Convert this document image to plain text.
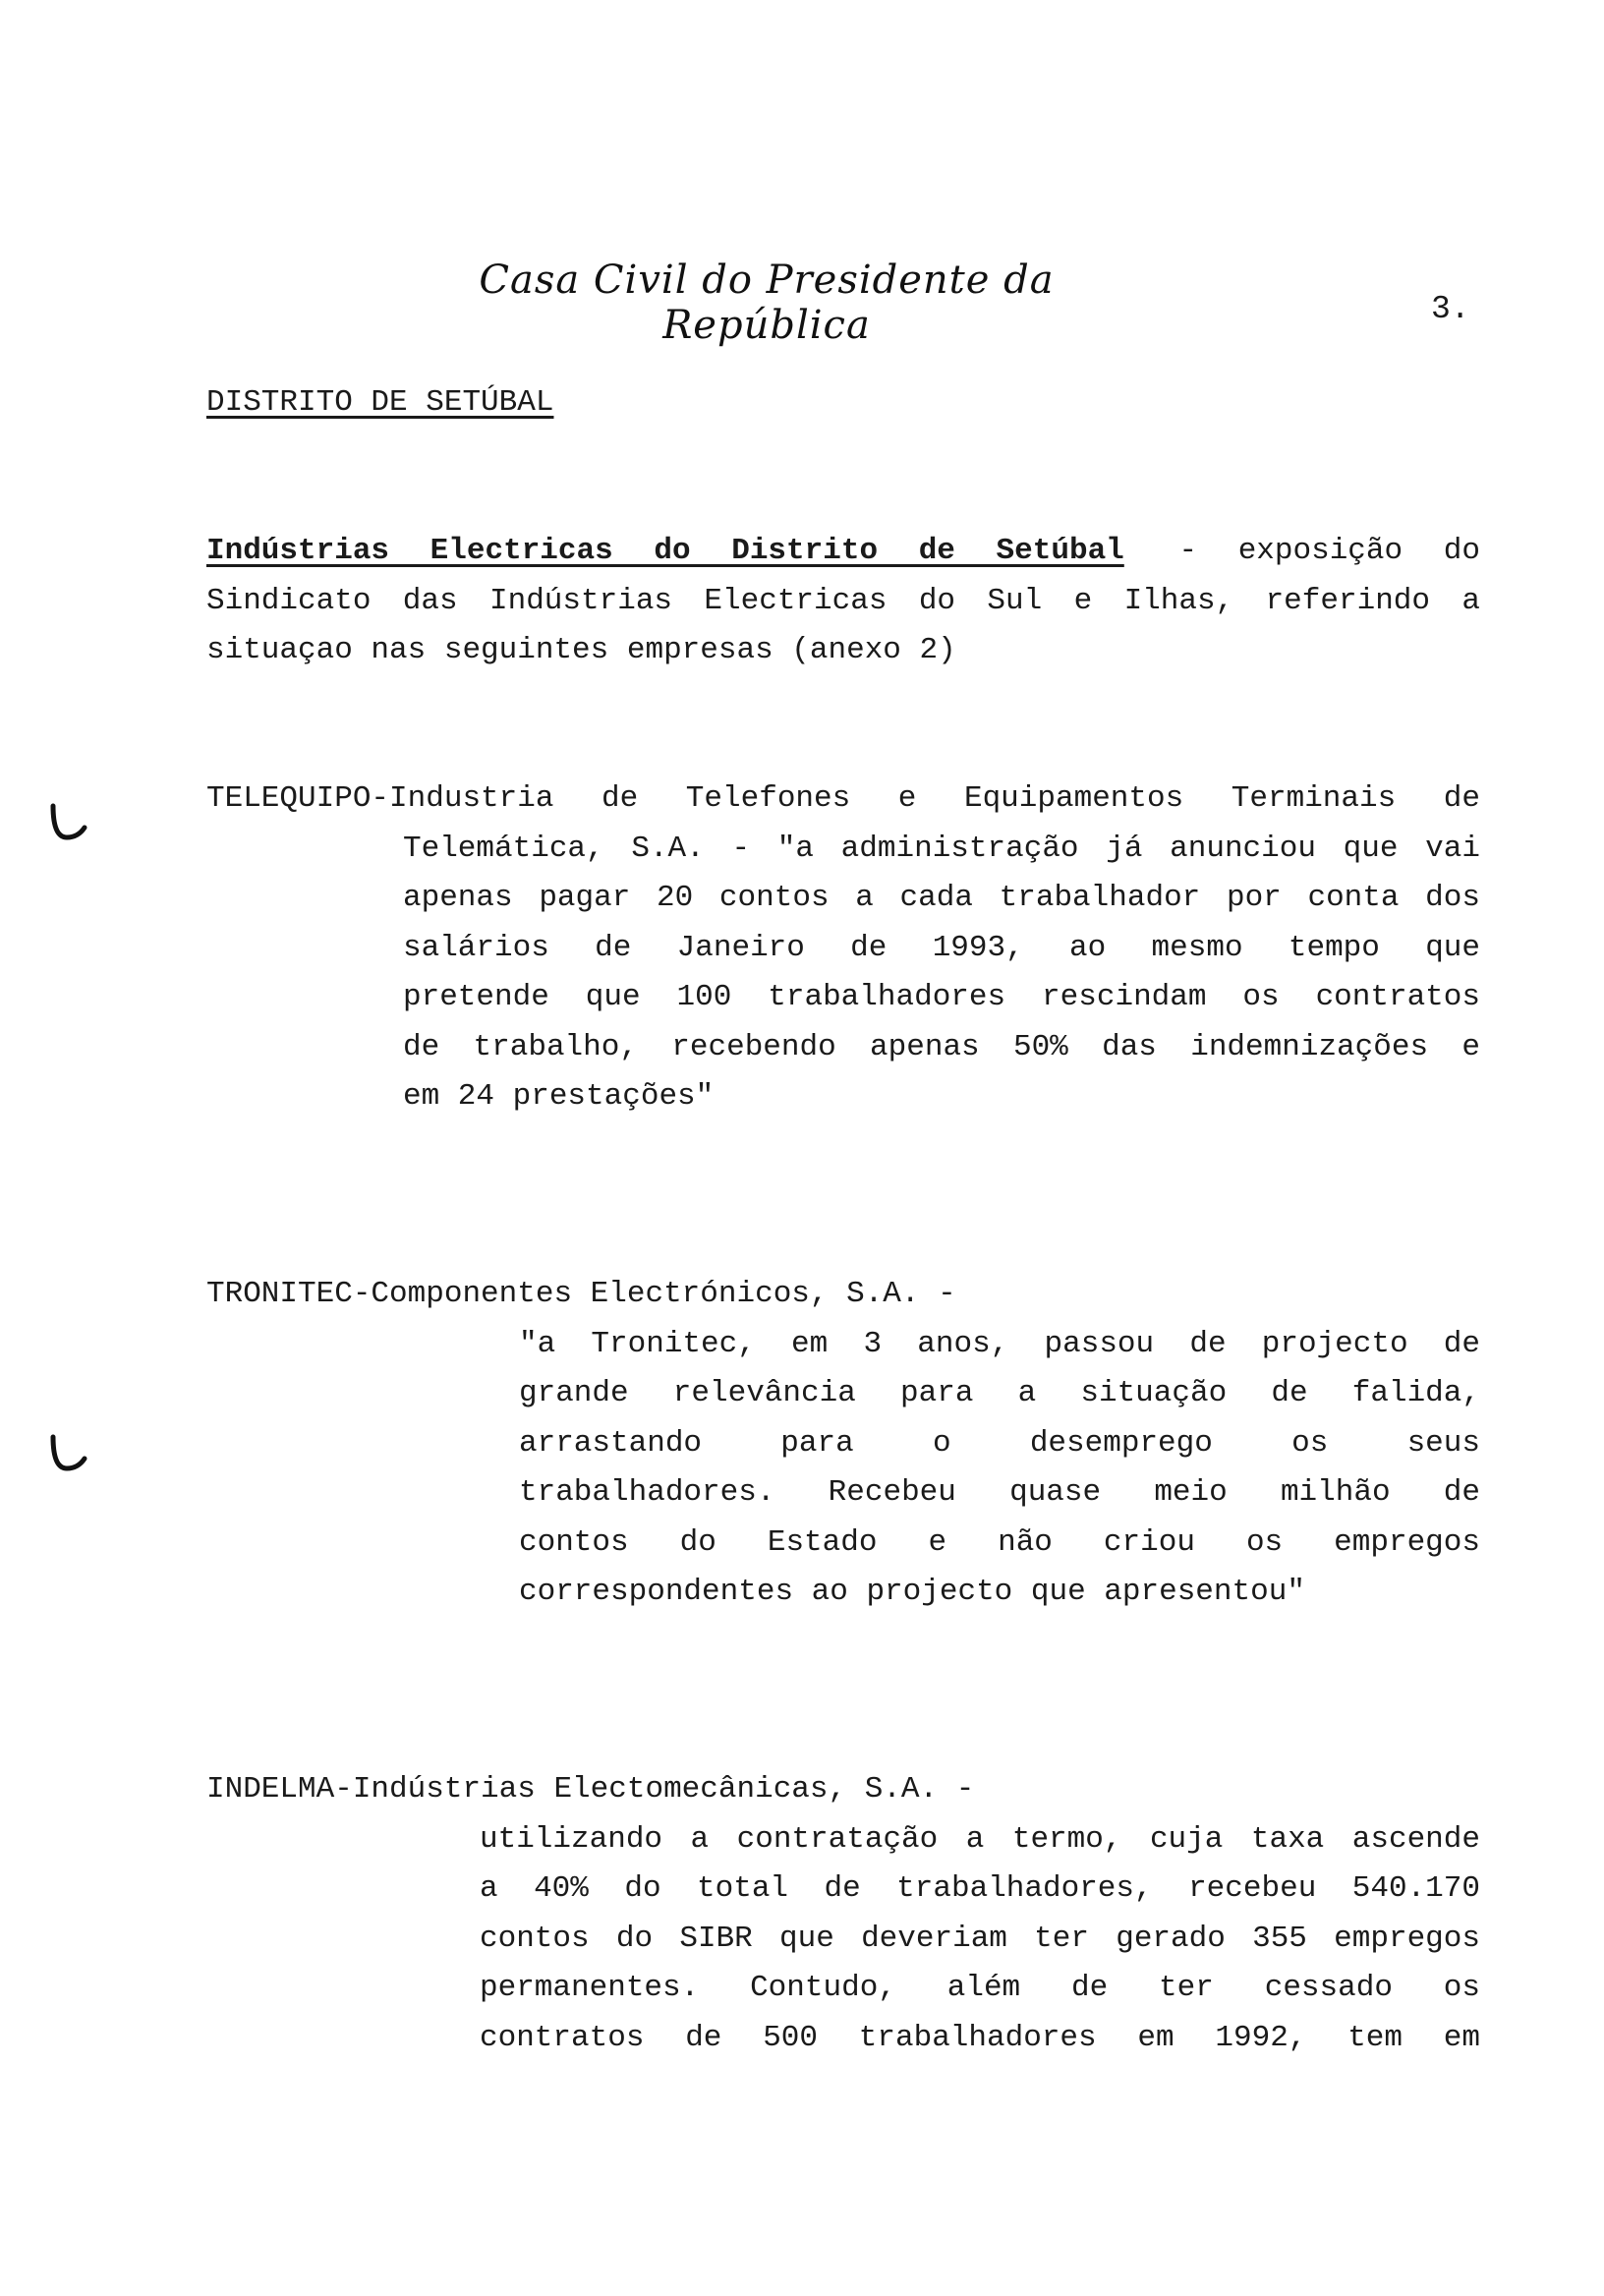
Casa Civil do Presidente da República	3.
DISTRITO DE SETÚBAL
Indústrias Electricas do Distrito de Setúbal - exposição do
Sindicato das Indústrias Electricas do Sul e Ilhas, referindo a
situaçao nas seguintes empresas (anexo 2)
TELEQUIPO-Industria de Telefones e Equipamentos Terminais de
Telemática, S.A. - "a administração já anunciou que vai
apenas pagar 20 contos a cada trabalhador por conta dos
salários de Janeiro de 1993, ao mesmo tempo que
pretende que 100 trabalhadores rescindam os contratos
de trabalho, recebendo apenas 50% das indemnizações e
em 24 prestações"
TRONITEC-Componentes Electrónicos, S.A. -
"a Tronitec, em 3 anos, passou de projecto de
grande relevância para a situação de falida,
arrastando para o desemprego os seus
trabalhadores. Recebeu quase meio milhão de
contos do Estado e não criou os empregos
correspondentes ao projecto que apresentou"
INDELMA-Indústrias Electomecânicas, S.A. -
utilizando a contratação a termo, cuja taxa ascende
a 40% do total de trabalhadores, recebeu 540.170
contos do SIBR que deveriam ter gerado 355 empregos
permanentes. Contudo, além de ter cessado os
contratos de 500 trabalhadores em 1992, tem em
